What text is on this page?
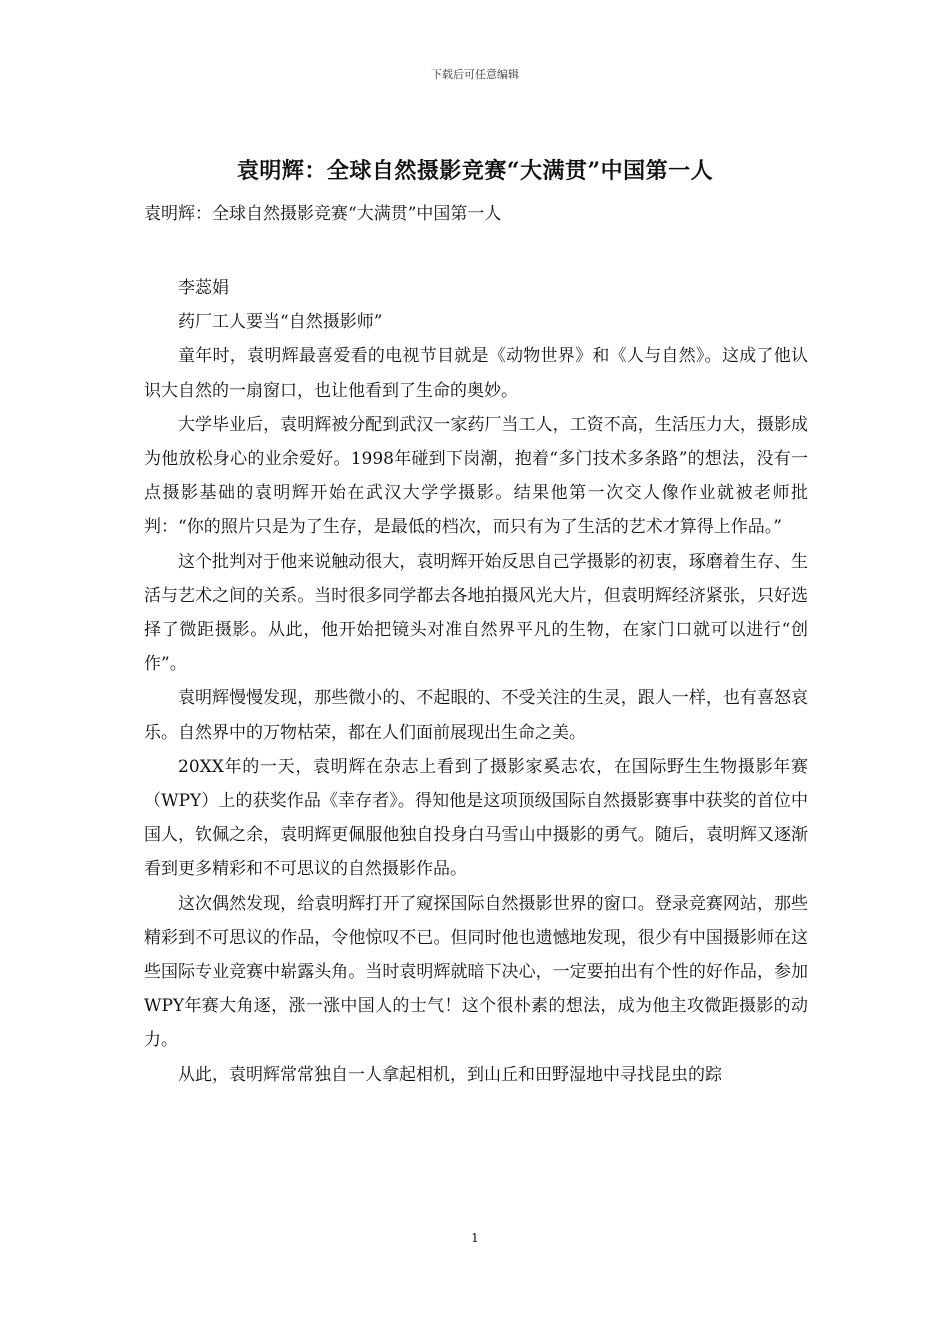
下载后可任意编辑
袁明辉：全球自然摄影竞赛“大满贯”中国第一人

袁明辉：全球自然摄影竞赛“大满贯”中国第一人

李蕊娟

药厂工人要当“自然摄影师”

童年时，袁明辉最喜爱看的电视节目就是《动物世界》和《人与自然》。这成了他认识大自然的一扇窗口，也让他看到了生命的奥妙。

大学毕业后，袁明辉被分配到武汉一家药厂当工人，工资不高，生活压力大，摄影成为他放松身心的业余爱好。1998年碰到下岗潮，抱着“多门技术多条路”的想法，没有一点摄影基础的袁明辉开始在武汉大学学摄影。结果他第一次交人像作业就被老师批判：“你的照片只是为了生存，是最低的档次，而只有为了生活的艺术才算得上作品。”

这个批判对于他来说触动很大，袁明辉开始反思自己学摄影的初衷，琢磨着生存、生活与艺术之间的关系。当时很多同学都去各地拍摄风光大片，但袁明辉经济紧张，只好选择了微距摄影。从此，他开始把镜头对准自然界平凡的生物，在家门口就可以进行“创作”。

袁明辉慢慢发现，那些微小的、不起眼的、不受关注的生灵，跟人一样，也有喜怒哀乐。自然界中的万物枯荣，都在人们面前展现出生命之美。

20XX年的一天，袁明辉在杂志上看到了摄影家奚志农，在国际野生生物摄影年赛（WPY）上的获奖作品《幸存者》。得知他是这项顶级国际自然摄影赛事中获奖的首位中国人，钦佩之余，袁明辉更佩服他独自投身白马雪山中摄影的勇气。随后，袁明辉又逐渐看到更多精彩和不可思议的自然摄影作品。

这次偶然发现，给袁明辉打开了窥探国际自然摄影世界的窗口。登录竞赛网站，那些精彩到不可思议的作品，令他惊叹不已。但同时他也遗憾地发现，很少有中国摄影师在这些国际专业竞赛中崭露头角。当时袁明辉就暗下决心，一定要拍出有个性的好作品，参加WPY年赛大角逐，涨一涨中国人的士气！这个很朴素的想法，成为他主攻微距摄影的动力。

从此，袁明辉常常独自一人拿起相机，到山丘和田野湿地中寻找昆虫的踪

1
